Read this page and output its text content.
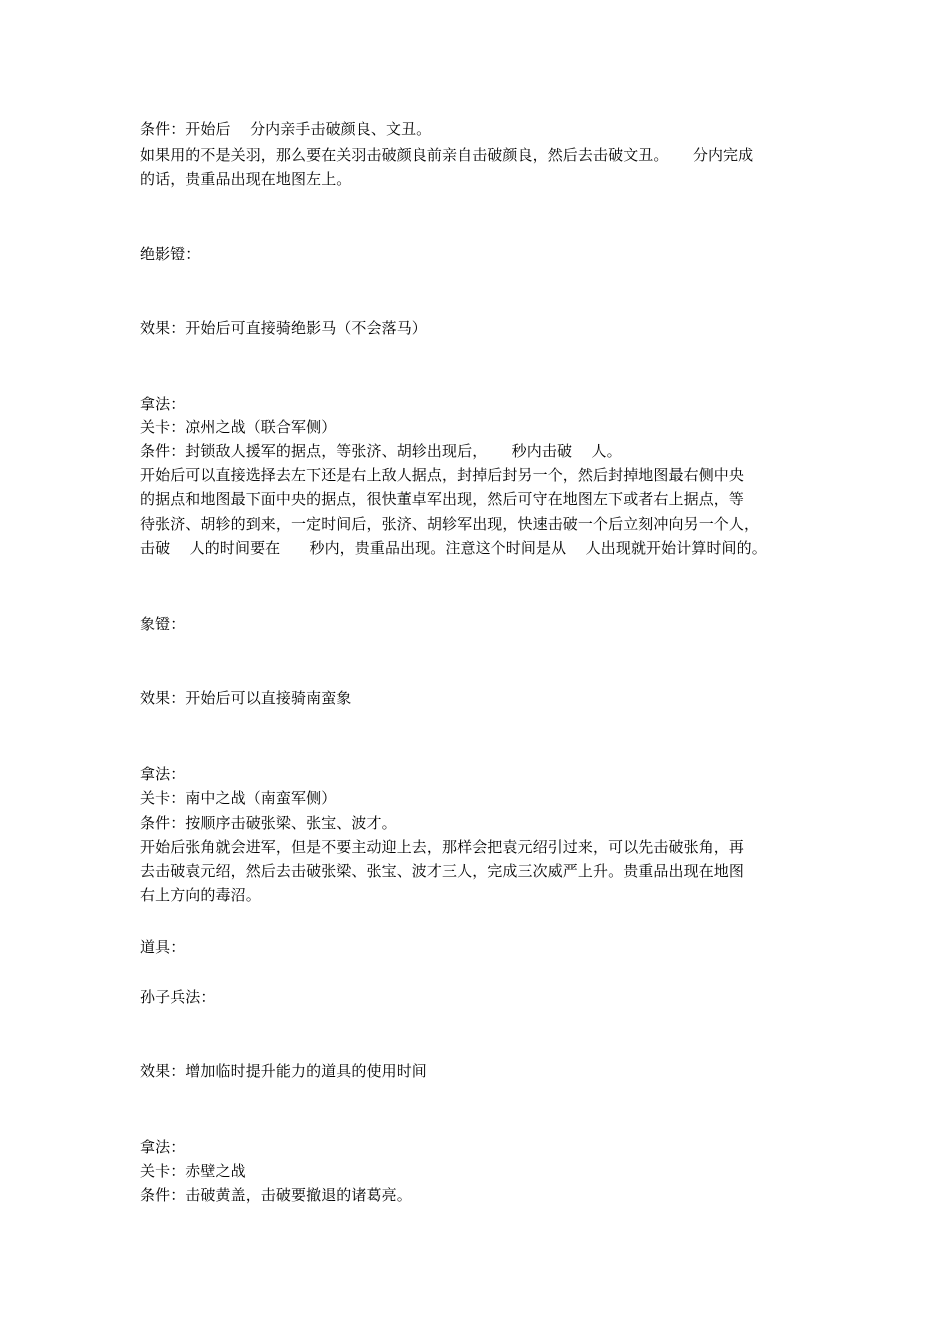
条件：开始后    分内亲手击破颜良、文丑。
如果用的不是关羽，那么要在关羽击破颜良前亲自击破颜良，然后去击破文丑。     分内完成
的话，贵重品出现在地图左上。
绝影镫：
效果：开始后可直接骑绝影马（不会落马）
拿法：
关卡：凉州之战（联合军侧）
条件：封锁敌人援军的据点，等张济、胡轸出现后，     秒内击破    人。
开始后可以直接选择去左下还是右上敌人据点，封掉后封另一个，然后封掉地图最右侧中央
的据点和地图最下面中央的据点，很快董卓军出现，然后可守在地图左下或者右上据点，等
待张济、胡轸的到来，一定时间后，张济、胡轸军出现，快速击破一个后立刻冲向另一个人，
击破    人的时间要在      秒内，贵重品出现。注意这个时间是从    人出现就开始计算时间的。
象镫：
效果：开始后可以直接骑南蛮象
拿法：
关卡：南中之战（南蛮军侧）
条件：按顺序击破张梁、张宝、波才。
开始后张角就会进军，但是不要主动迎上去，那样会把袁元绍引过来，可以先击破张角，再
去击破袁元绍，然后去击破张梁、张宝、波才三人，完成三次威严上升。贵重品出现在地图
右上方向的毒沼。
道具：
孙子兵法：
效果：增加临时提升能力的道具的使用时间
拿法：
关卡：赤壁之战
条件：击破黄盖，击破要撤退的诸葛亮。
